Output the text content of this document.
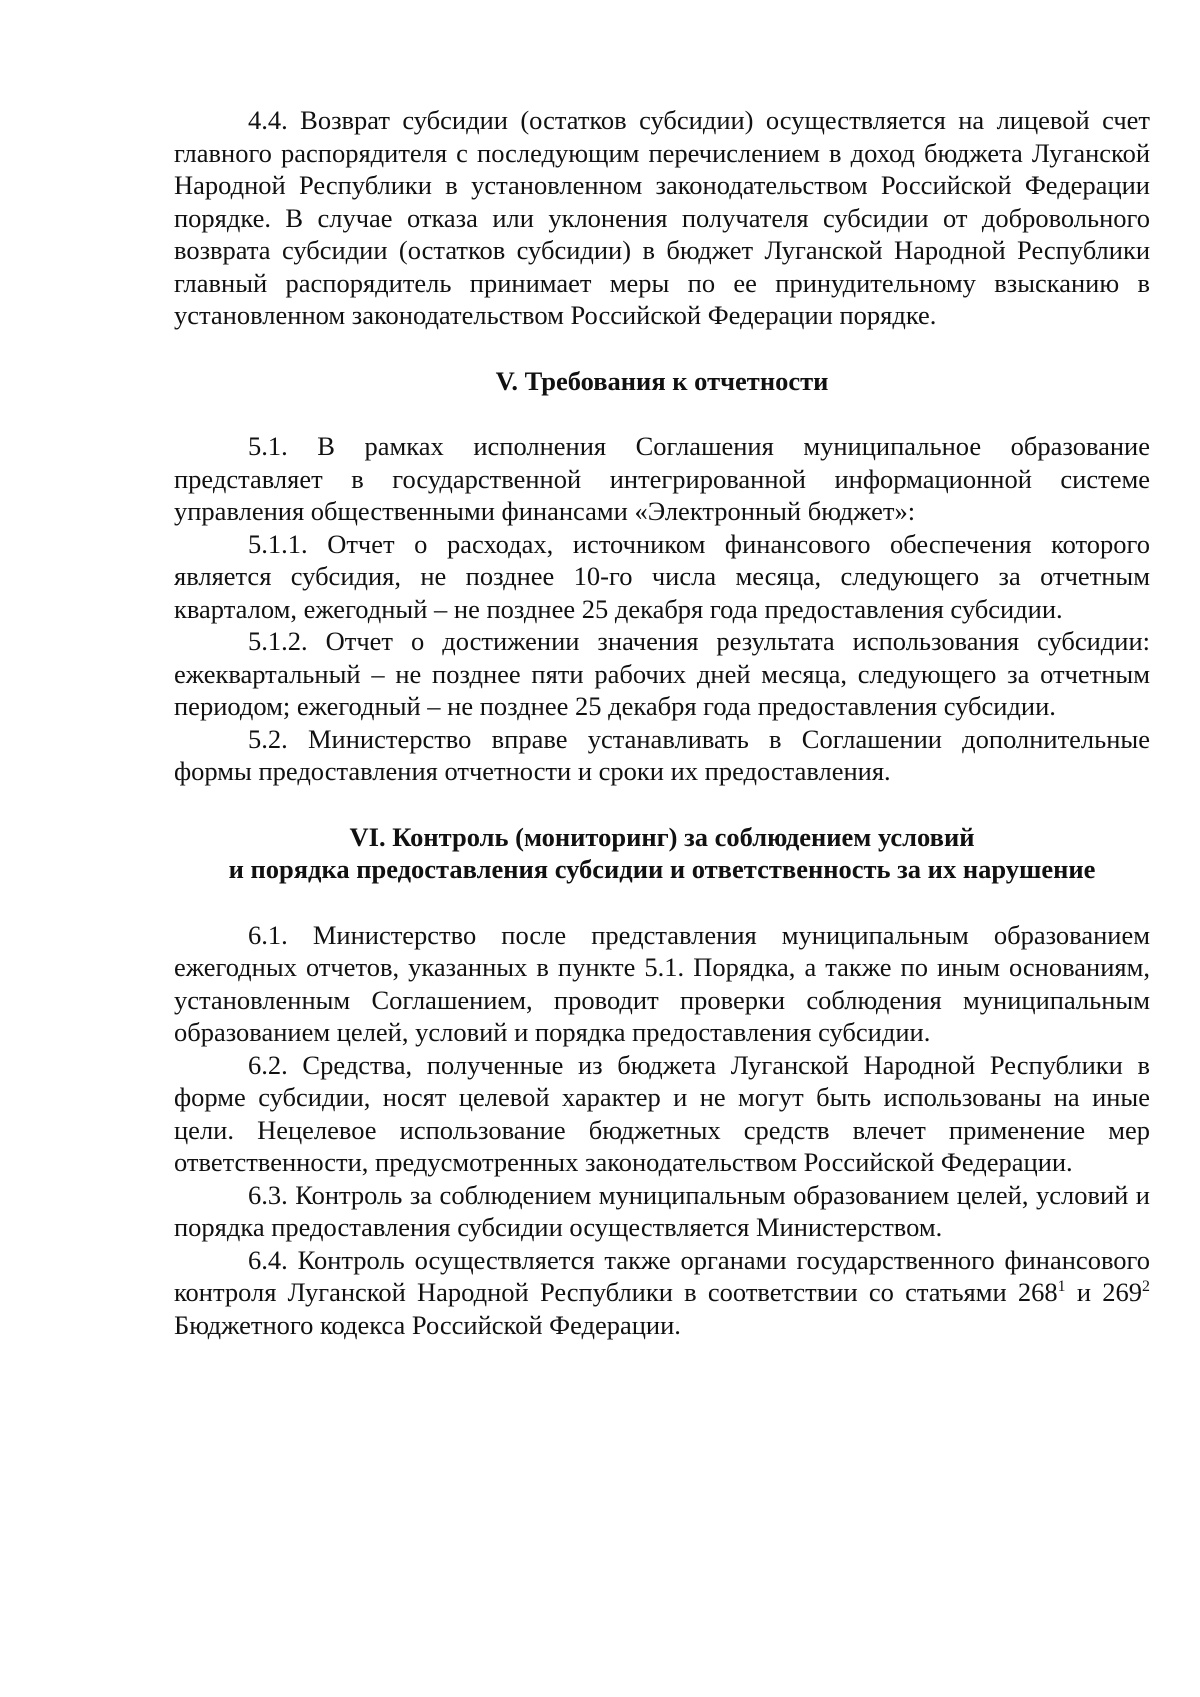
4.4. Возврат субсидии (остатков субсидии) осуществляется на лицевой счет главного распорядителя с последующим перечислением в доход бюджета Луганской Народной Республики в установленном законодательством Российской Федерации порядке. В случае отказа или уклонения получателя субсидии от добровольного возврата субсидии (остатков субсидии) в бюджет Луганской Народной Республики главный распорядитель принимает меры по ее принудительному взысканию в установленном законодательством Российской Федерации порядке.

V. Требования к отчетности

5.1. В рамках исполнения Соглашения муниципальное образование представляет в государственной интегрированной информационной системе управления общественными финансами «Электронный бюджет»:

5.1.1. Отчет о расходах, источником финансового обеспечения которого является субсидия, не позднее 10-го числа месяца, следующего за отчетным кварталом, ежегодный – не позднее 25 декабря года предоставления субсидии.

5.1.2. Отчет о достижении значения результата использования субсидии: ежеквартальный – не позднее пяти рабочих дней месяца, следующего за отчетным периодом; ежегодный – не позднее 25 декабря года предоставления субсидии.

5.2. Министерство вправе устанавливать в Соглашении дополнительные формы предоставления отчетности и сроки их предоставления.

VI. Контроль (мониторинг) за соблюдением условий
и порядка предоставления субсидии и ответственность за их нарушение

6.1. Министерство после представления муниципальным образованием ежегодных отчетов, указанных в пункте 5.1. Порядка, а также по иным основаниям, установленным Соглашением, проводит проверки соблюдения муниципальным образованием целей, условий и порядка предоставления субсидии.

6.2. Средства, полученные из бюджета Луганской Народной Республики в форме субсидии, носят целевой характер и не могут быть использованы на иные цели. Нецелевое использование бюджетных средств влечет применение мер ответственности, предусмотренных законодательством Российской Федерации.

6.3. Контроль за соблюдением муниципальным образованием целей, условий и порядка предоставления субсидии осуществляется Министерством.

6.4. Контроль осуществляется также органами государственного финансового контроля Луганской Народной Республики в соответствии со статьями $268^1$ и $269^2$ Бюджетного кодекса Российской Федерации.
